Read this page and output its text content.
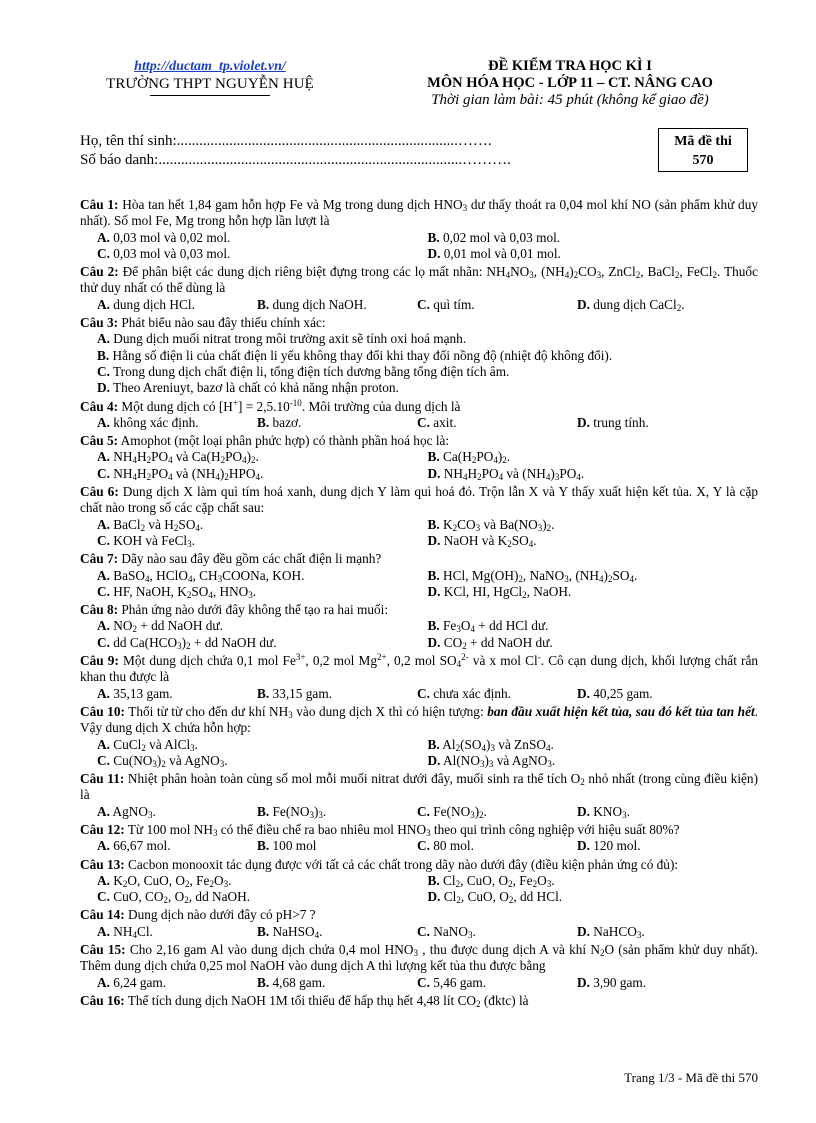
http://ductam_tp.violet.vn/
TRƯỜNG THPT NGUYỄN HUỆ
ĐỀ KIỂM TRA HỌC KÌ I
MÔN HÓA HỌC - LỚP 11 – CT. NÂNG CAO
Thời gian làm bài: 45 phút (không kể giao đề)
Họ, tên thí sinh:...........................................................................…….
Số báo danh:.................................................................................……….
Mã đề thi
570
Câu 1: Hòa tan hết 1,84 gam hỗn hợp Fe và Mg trong dung dịch $HNO_3$ dư thấy thoát ra 0,04 mol khí NO (sản phẩm khử duy nhất). Số mol Fe, Mg trong hỗn hợp lần lượt là
A. 0,03 mol và 0,02 mol.	B. 0,02 mol và 0,03 mol.
C. 0,03 mol và 0,03 mol.	D. 0,01 mol và 0,01 mol.
Câu 2: Để phân biệt các dung dịch riêng biệt đựng trong các lọ mất nhãn: $NH_4NO_3$, $(NH_4)_2CO_3$, ZnCl$_2$, BaCl$_2$, FeCl$_2$. Thuốc thử duy nhất có thể dùng là
A. dung dịch HCl.	B. dung dịch NaOH.	C. quì tím.	D. dung dịch CaCl$_2$.
Câu 3: Phát biểu nào sau đây thiếu chính xác:
A. Dung dịch muối nitrat trong môi trường axit sẽ tính oxi hoá mạnh.
B. Hằng số điện li của chất điện li yếu không thay đổi khi thay đổi nồng độ (nhiệt độ không đổi).
C. Trong dung dịch chất điện li, tổng điện tích dương bằng tổng điện tích âm.
D. Theo Areniuyt, bazơ là chất có khả năng nhận proton.
Câu 4: Một dung dịch có $[H^+] = 2,5.10^{-10}$. Môi trường của dung dịch là
A. không xác định.	B. bazơ.	C. axit.	D. trung tính.
Câu 5: Amophot (một loại phân phức hợp) có thành phần hoá học là:
A. $NH_4H_2PO_4$ và $Ca(H_2PO_4)_2$.	B. $Ca(H_2PO_4)_2$.
C. $NH_4H_2PO_4$ và $(NH_4)_2HPO_4$.	D. $NH_4H_2PO_4$ và $(NH_4)_3PO_4$.
Câu 6: Dung dịch X làm quì tím hoá xanh, dung dịch Y làm quì hoá đỏ. Trộn lẫn X và Y thấy xuất hiện kết tủa. X, Y là cặp chất nào trong số các cặp chất sau:
A. BaCl$_2$ và $H_2SO_4$.	B. $K_2CO_3$ và $Ba(NO_3)_2$.
C. KOH và FeCl$_3$.	D. NaOH và $K_2SO_4$.
Câu 7: Dãy nào sau đây đều gồm các chất điện li mạnh?
A. BaSO$_4$, HClO$_4$, $CH_3COONa$, KOH.	B. HCl, $Mg(OH)_2$, NaNO$_3$, $(NH_4)_2SO_4$.
C. HF, NaOH, $K_2SO_4$, $HNO_3$.	D. KCl, HI, HgCl$_2$, NaOH.
Câu 8: Phản ứng nào dưới đây không thể tạo ra hai muối:
A. $NO_2$ + dd NaOH dư.	B. $Fe_3O_4$ + dd HCl dư.
C. dd $Ca(HCO_3)_2$ + dd NaOH dư.	D. $CO_2$ + dd NaOH dư.
Câu 9: Một dung dịch chứa 0,1 mol $Fe^{3+}$, 0,2 mol $Mg^{2+}$, 0,2 mol $SO_4^{2-}$ và x mol Cl-. Cô cạn dung dịch, khối lượng chất rắn khan thu được là
A. 35,13 gam.	B. 33,15 gam.	C. chưa xác định.	D. 40,25 gam.
Câu 10: Thổi từ từ cho đến dư khí $NH_3$ vào dung dịch X thì có hiện tượng: ban đầu xuất hiện kết tủa, sau đó kết tủa tan hết. Vậy dung dịch X chứa hỗn hợp:
A. CuCl$_2$ và AlCl$_3$.	B. $Al_2(SO_4)_3$ và ZnSO$_4$.
C. $Cu(NO_3)_2$ và AgNO$_3$.	D. $Al(NO_3)_3$ và AgNO$_3$.
Câu 11: Nhiệt phân hoàn toàn cùng số mol mỗi muối nitrat dưới đây, muối sinh ra thể tích $O_2$ nhỏ nhất (trong cùng điều kiện) là
A. AgNO$_3$.	B. $Fe(NO_3)_3$.	C. $Fe(NO_3)_2$.	D. $KNO_3$.
Câu 12: Từ 100 mol $NH_3$ có thể điều chế ra bao nhiêu mol $HNO_3$ theo qui trình công nghiệp với hiệu suất 80%?
A. 66,67 mol.	B. 100 mol	C. 80 mol.	D. 120 mol.
Câu 13: Cacbon monooxit tác dụng được với tất cả các chất trong dãy nào dưới đây (điều kiện phản ứng có đủ):
A. $K_2O$, CuO, $O_2$, $Fe_2O_3$.	B. $Cl_2$, CuO, $O_2$, $Fe_2O_3$.
C. CuO, $CO_2$, $O_2$, dd NaOH.	D. $Cl_2$, CuO, $O_2$, dd HCl.
Câu 14: Dung dịch nào dưới đây có pH>7 ?
A. $NH_4Cl$.	B. NaHSO$_4$.	C. NaNO$_3$.	D. NaHCO$_3$.
Câu 15: Cho 2,16 gam Al vào dung dịch chứa 0,4 mol $HNO_3$ , thu được dung dịch A và khí $N_2O$ (sản phẩm khử duy nhất). Thêm dung dịch chứa 0,25 mol NaOH vào dung dịch A thì lượng kết tủa thu được bằng
A. 6,24 gam.	B. 4,68 gam.	C. 5,46 gam.	D. 3,90 gam.
Câu 16: Thể tích dung dịch NaOH 1M tối thiểu để hấp thụ hết 4,48 lít $CO_2$ (đktc) là
Trang 1/3 - Mã đề thi 570
